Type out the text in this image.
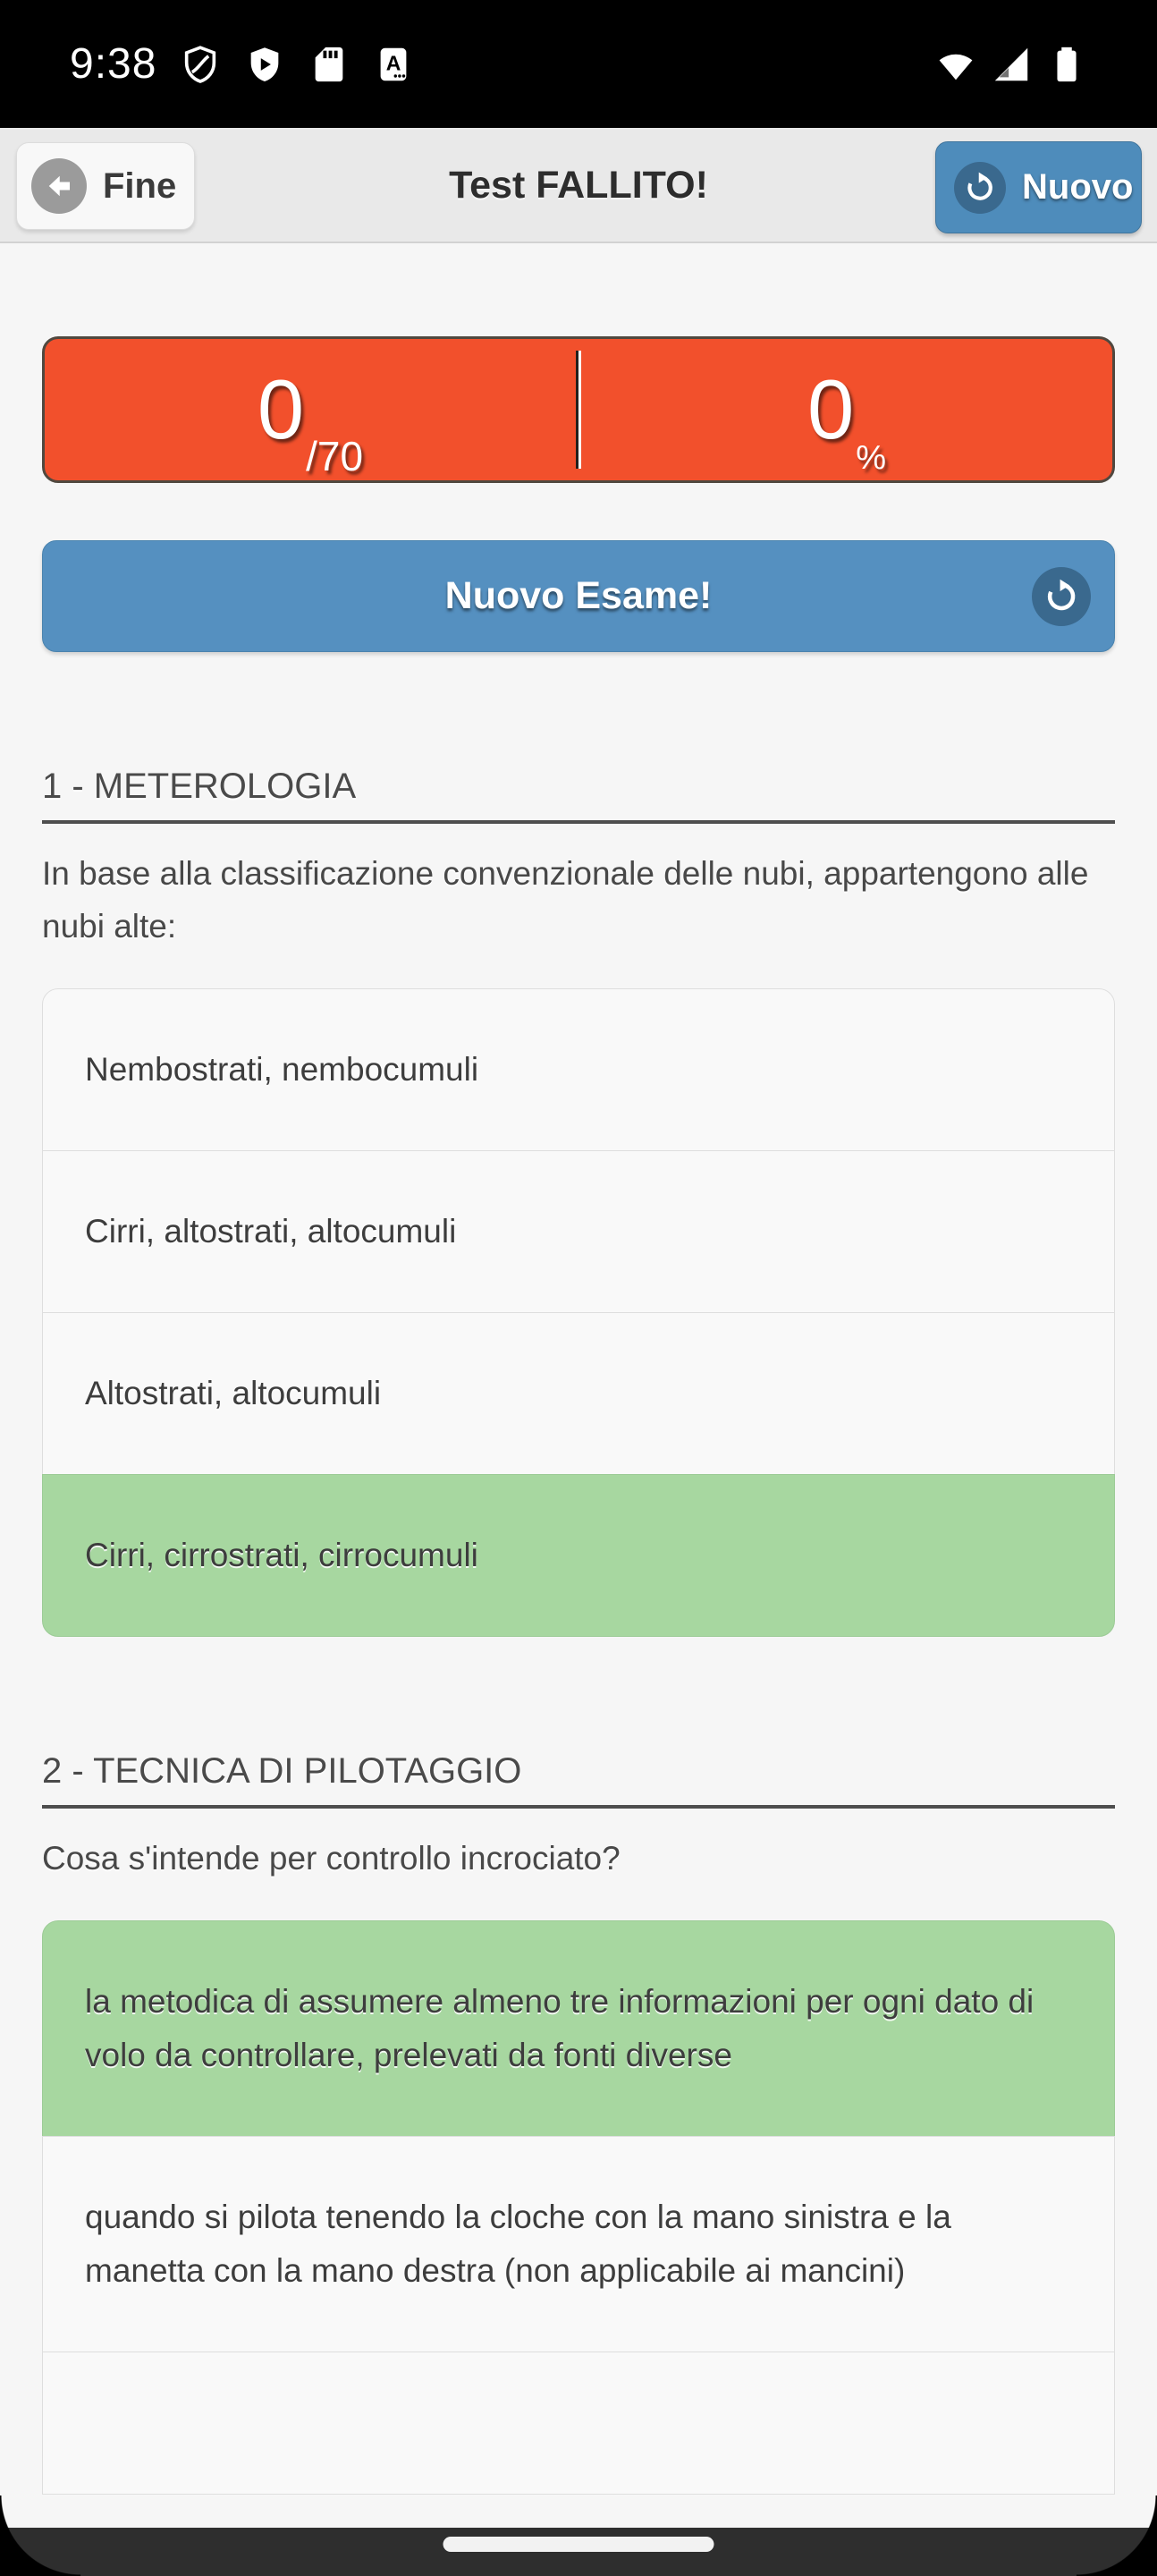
9:38	A
Test FALLITO!
Fine	Nuovo
0 /70	0
%
Nuovo Esame!
1 - METEROLOGIA

In base alla classificazione convenzionale delle nubi, appartengono alle nubi alte:

Nembostrati, nembocumuli
Cirri, altostrati, altocumuli
Altostrati, altocumuli
Cirri, cirrostrati, cirrocumuli
2 - TECNICA DI PILOTAGGIO

Cosa s'intende per controllo incrociato?

la metodica di assumere almeno tre informazioni per ogni dato di volo da controllare, prelevati da fonti diverse
quando si pilota tenendo la cloche con la mano sinistra e la manetta con la mano destra (non applicabile ai mancini)
